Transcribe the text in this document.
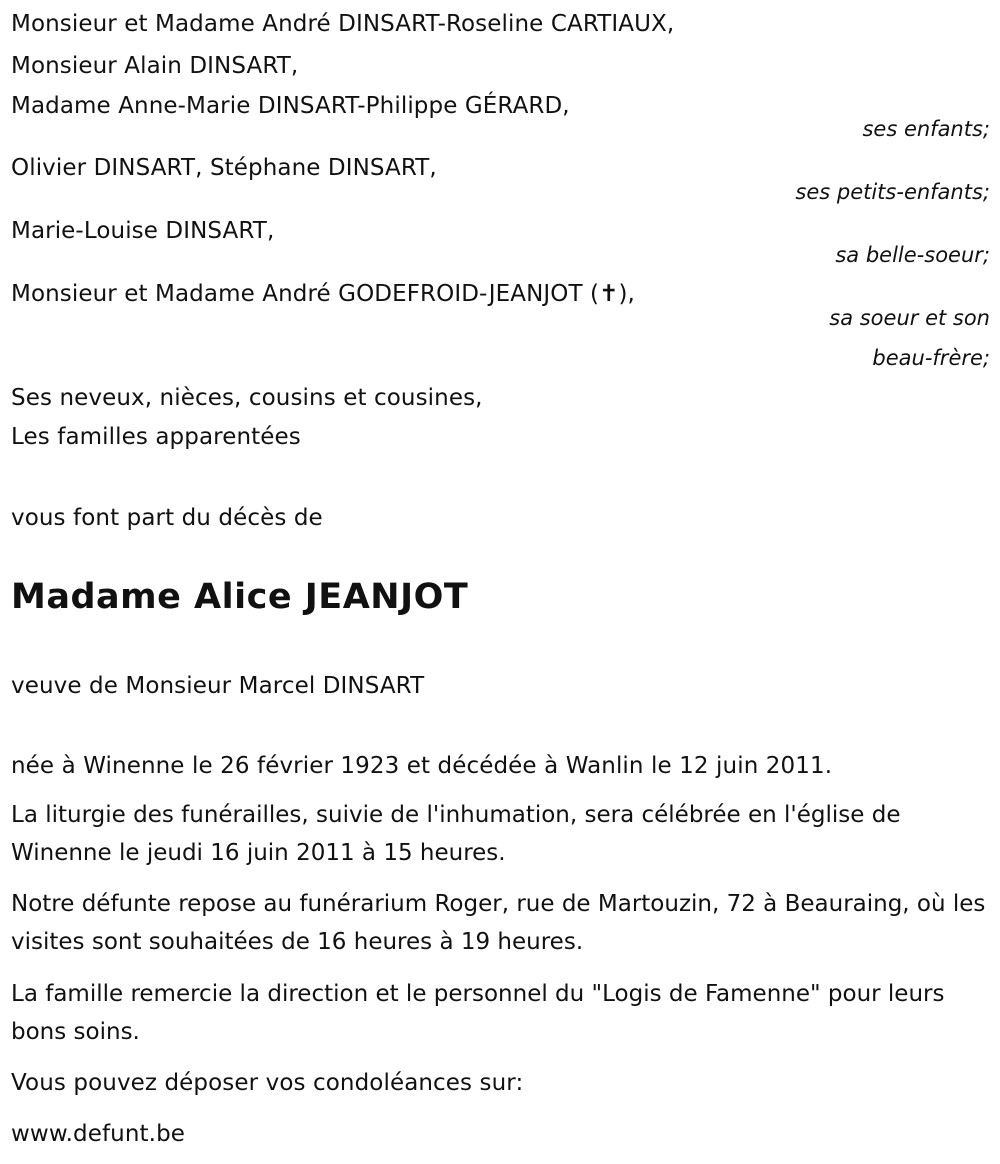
Monsieur et Madame André DINSART-Roseline CARTIAUX,
Monsieur Alain DINSART,
Madame Anne-Marie DINSART-Philippe GÉRARD,
ses enfants;
Olivier DINSART, Stéphane DINSART,
ses petits-enfants;
Marie-Louise DINSART,
sa belle-soeur;
Monsieur et Madame André GODEFROID-JEANJOT (✝),
sa soeur et son
beau-frère;
Ses neveux, nièces, cousins et cousines,
Les familles apparentées
vous font part du décès de
Madame Alice JEANJOT
veuve de Monsieur Marcel DINSART
née à Winenne le 26 février 1923 et décédée à Wanlin le 12 juin 2011.
La liturgie des funérailles, suivie de l'inhumation, sera célébrée en l'église de Winenne le jeudi 16 juin 2011 à 15 heures.
Notre défunte repose au funérarium Roger, rue de Martouzin, 72 à Beauraing, où les visites sont souhaitées de 16 heures à 19 heures.
La famille remercie la direction et le personnel du "Logis de Famenne" pour leurs bons soins.
Vous pouvez déposer vos condoléances sur:
www.defunt.be
